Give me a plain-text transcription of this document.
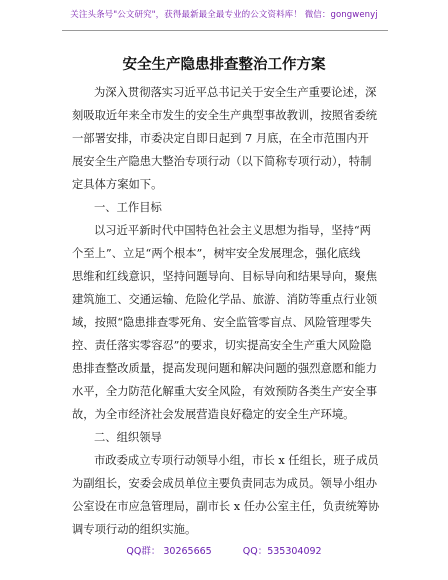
关注头条号"公文研究"，获得最新最全最专业的公文资料库！ 微信：gongwenyj
安全生产隐患排查整治工作方案
为深入贯彻落实习近平总书记关于安全生产重要论述，深
刻吸取近年来全市发生的安全生产典型事故教训，按照省委统
一部署安排，市委决定自即日起到 7 月底，在全市范围内开
展安全生产隐患大整治专项行动（以下简称专项行动），特制
定具体方案如下。
一、工作目标
以习近平新时代中国特色社会主义思想为指导，坚持“两
个至上”、立足“两个根本”，树牢安全发展理念，强化底线
思维和红线意识，坚持问题导向、目标导向和结果导向，聚焦
建筑施工、交通运输、危险化学品、旅游、消防等重点行业领
域，按照“隐患排查零死角、安全监管零盲点、风险管理零失
控、责任落实零容忍”的要求，切实提高安全生产重大风险隐
患排查整改质量，提高发现问题和解决问题的强烈意愿和能力
水平，全力防范化解重大安全风险，有效预防各类生产安全事
故，为全市经济社会发展营造良好稳定的安全生产环境。
二、组织领导
市政委成立专项行动领导小组，市长 x 任组长，班子成员
为副组长，安委会成员单位主要负责同志为成员。领导小组办
公室设在市应急管理局，副市长 x 任办公室主任，负责统筹协
调专项行动的组织实施。
QQ群： 30265665	QQ：535304092
